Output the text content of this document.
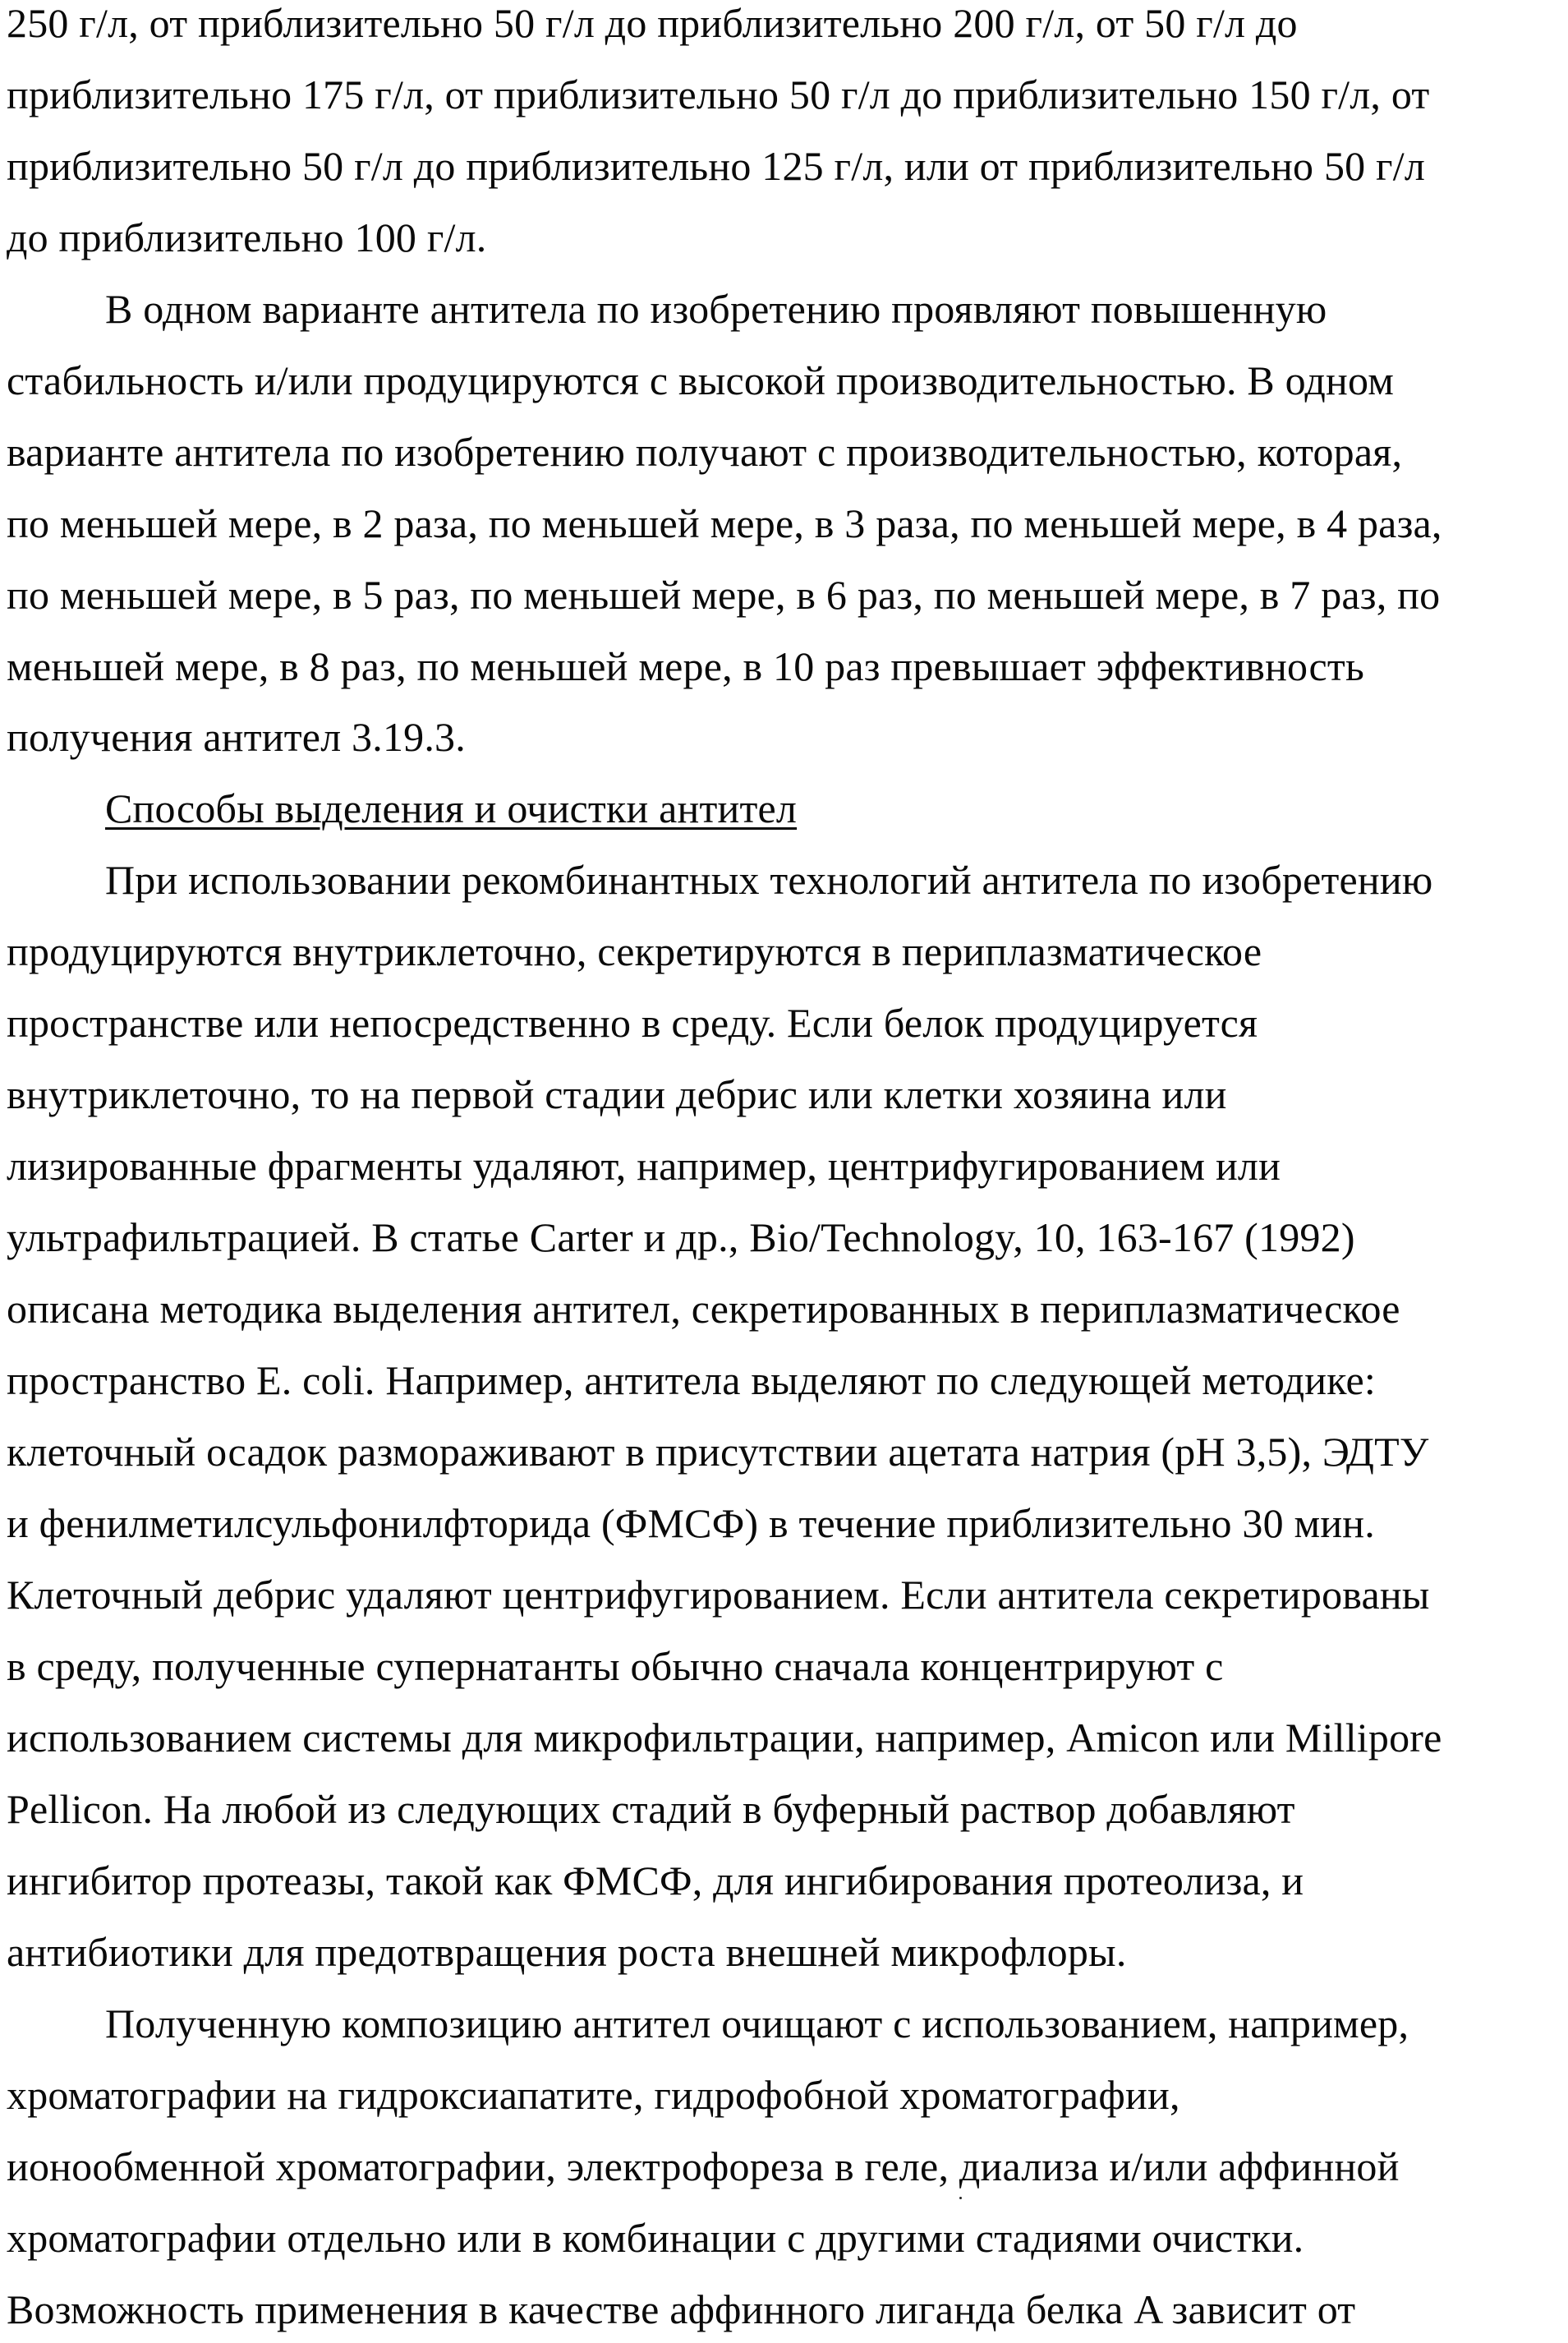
250 г/л, от приблизительно 50 г/л до приблизительно 200 г/л, от 50 г/л до
приблизительно 175 г/л, от приблизительно 50 г/л до приблизительно 150 г/л, от
приблизительно 50 г/л до приблизительно 125 г/л, или от приблизительно 50 г/л
до приблизительно 100 г/л.
В одном варианте антитела по изобретению проявляют повышенную
стабильность и/или продуцируются с высокой производительностью. В одном
варианте антитела по изобретению получают с производительностью, которая,
по меньшей мере, в 2 раза, по меньшей мере, в 3 раза, по меньшей мере, в 4 раза,
по меньшей мере, в 5 раз, по меньшей мере, в 6 раз, по меньшей мере, в 7 раз, по
меньшей мере, в 8 раз, по меньшей мере, в 10 раз превышает эффективность
получения антител 3.19.3.
Способы выделения и очистки антител
При использовании рекомбинантных технологий антитела по изобретению
продуцируются внутриклеточно, секретируются в периплазматическое
пространстве или непосредственно в среду. Если белок продуцируется
внутриклеточно, то на первой стадии дебрис или клетки хозяина или
лизированные фрагменты удаляют, например, центрифугированием или
ультрафильтрацией. В статье Carter и др., Bio/Technology, 10, 163-167 (1992)
описана методика выделения антител, секретированных в периплазматическое
пространство E. coli. Например, антитела выделяют по следующей методике:
клеточный осадок размораживают в присутствии ацетата натрия (pH 3,5), ЭДТУ
и фенилметилсульфонилфторида (ФМСФ) в течение приблизительно 30 мин.
Клеточный дебрис удаляют центрифугированием. Если антитела секретированы
в среду, полученные супернатанты обычно сначала концентрируют с
использованием системы для микрофильтрации, например, Amicon или Millipore
Pellicon. На любой из следующих стадий в буферный раствор добавляют
ингибитор протеазы, такой как ФМСФ, для ингибирования протеолиза, и
антибиотики для предотвращения роста внешней микрофлоры.
Полученную композицию антител очищают с использованием, например,
хроматографии на гидроксиапатите, гидрофобной хроматографии,
ионообменной хроматографии, электрофореза в геле, диализа и/или аффинной
хроматографии отдельно или в комбинации с другими стадиями очистки.
Возможность применения в качестве аффинного лиганда белка A зависит от
